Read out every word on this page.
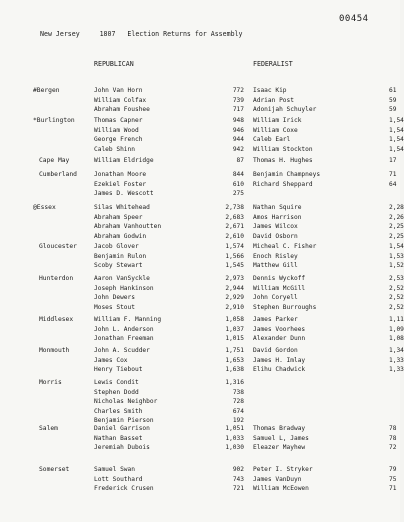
00454
New Jersey	1807 Election Returns for Assembly
REPUBLICAN	FEDERALIST
#Bergen	John Van Horn	772 Isaac Kip	61
William Colfax	739 Adrian Post	59
Abraham Foushee	717 Adonijah Schuyler	59
*Burlington	Thomas Capner	948 William Irick	1,54
William Wood	946 William Coxe	1,54
George French	944 Caleb Earl	1,54
Caleb Shinn	942 William Stockton	1,54
Cape May	William Eldridge	87 Thomas H. Hughes	17
Cumberland	Jonathan Moore	844 Benjamin Champneys	71
Ezekiel Foster	610 Richard Sheppard	64
James D. Wescott	275
@Essex	Silas Whitehead	2,738 Nathan Squire	2,28
Abraham Speer	2,683 Amos Harrison	2,26
Abraham Vanhoutten	2,671 James Wilcox	2,25
Abraham Godwin	2,610 David Osborn	2,25
Gloucester	Jacob Glover	1,574 Micheal C. Fisher	1,54
Benjamin Rulon	1,566 Enoch Risley	1,53
Scoby Stewart	1,545 Matthew Gill	1,52
Hunterdon	Aaron VanSyckle	2,973 Dennis Wyckoff	2,53
Joseph Hankinson	2,944 William McGill	2,52
John Dewers	2,929 John Coryell	2,52
Moses Stout	2,910 Stephen Burroughs	2,52
Middlesex	William F. Manning	1,058 James Parker	1,11
John L. Anderson	1,037 James Voorhees	1,09
Jonathan Freeman	1,015 Alexander Dunn	1,08
Monmouth	John A. Scudder	1,751 David Gordon	1,34
James Cox	1,653 James H. Imlay	1,33
Henry Tiebout	1,638 Elihu Chadwick	1,33
Morris	Lewis Condit	1,316
Stephen Dodd	738
Nicholas Neighbor	728
Charles Smith	674
Benjamin Pierson	192
Salem	Daniel Garrison	1,051 Thomas Bradway	78
Nathan Basset	1,033 Samuel L, James	78
Jeremiah Dubois	1,030 Eleazer Mayhew	72
Somerset	Samuel Swan	902 Peter I. Stryker	79
Lott Southard	743 James VanDuyn	75
Frederick Crusen	721 William McEowen	71
